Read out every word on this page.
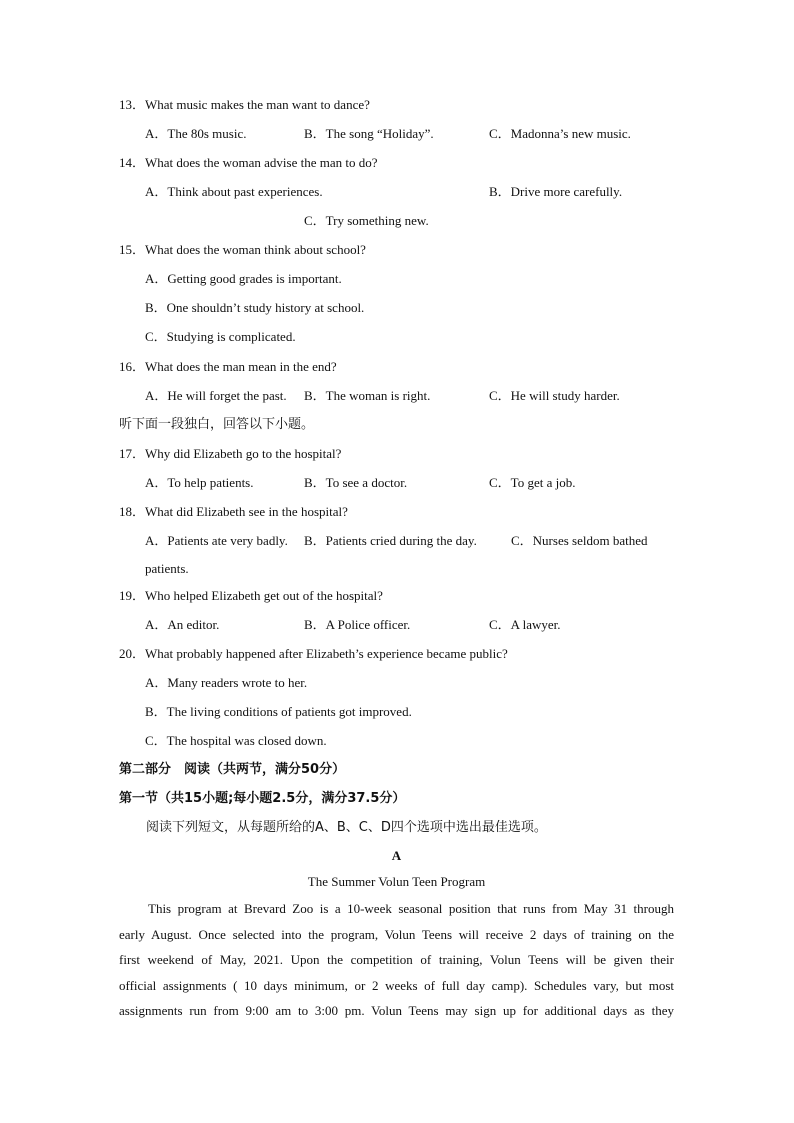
13．What music makes the man want to dance?
A．The 80s music.	B．The song “Holiday”.	C．Madonna’s new music.
14．What does the woman advise the man to do?
A．Think about past experiences.	B．Drive more carefully.
C．Try something new.
15．What does the woman think about school?
A．Getting good grades is important.
B．One shouldn’t study history at school.
C．Studying is complicated.
16．What does the man mean in the end?
A．He will forget the past. B．The woman is right.	C．He will study harder.
听下面一段独白，回答以下小题。
17．Why did Elizabeth go to the hospital?
A．To help patients.	B．To see a doctor.	C．To get a job.
18．What did Elizabeth see in the hospital?
A．Patients ate very badly. B．Patients cried during the day.	C．Nurses seldom bathed
patients.
19．Who helped Elizabeth get out of the hospital?
A．An editor.	B．A Police officer.	C．A lawyer.
20．What probably happened after Elizabeth’s experience became public?
A．Many readers wrote to her.
B．The living conditions of patients got improved.
C．The hospital was closed down.
第二部分　阅读（共两节，满分50分）
第一节（共15小题;每小题2.5分，满分37.5分）
阅读下列短文，从每题所给的A、B、C、D四个选项中选出最佳选项。
A
The Summer Volun Teen Program
This program at Brevard Zoo is a 10-week seasonal position that runs from May 31 through
early August. Once selected into the program, Volun Teens will receive 2 days of training on the
first weekend of May, 2021. Upon the competition of training, Volun Teens will be given their
official assignments ( 10 days minimum, or 2 weeks of full day camp). Schedules vary, but most
assignments run from 9:00 am to 3:00 pm. Volun Teens may sign up for additional days as they
